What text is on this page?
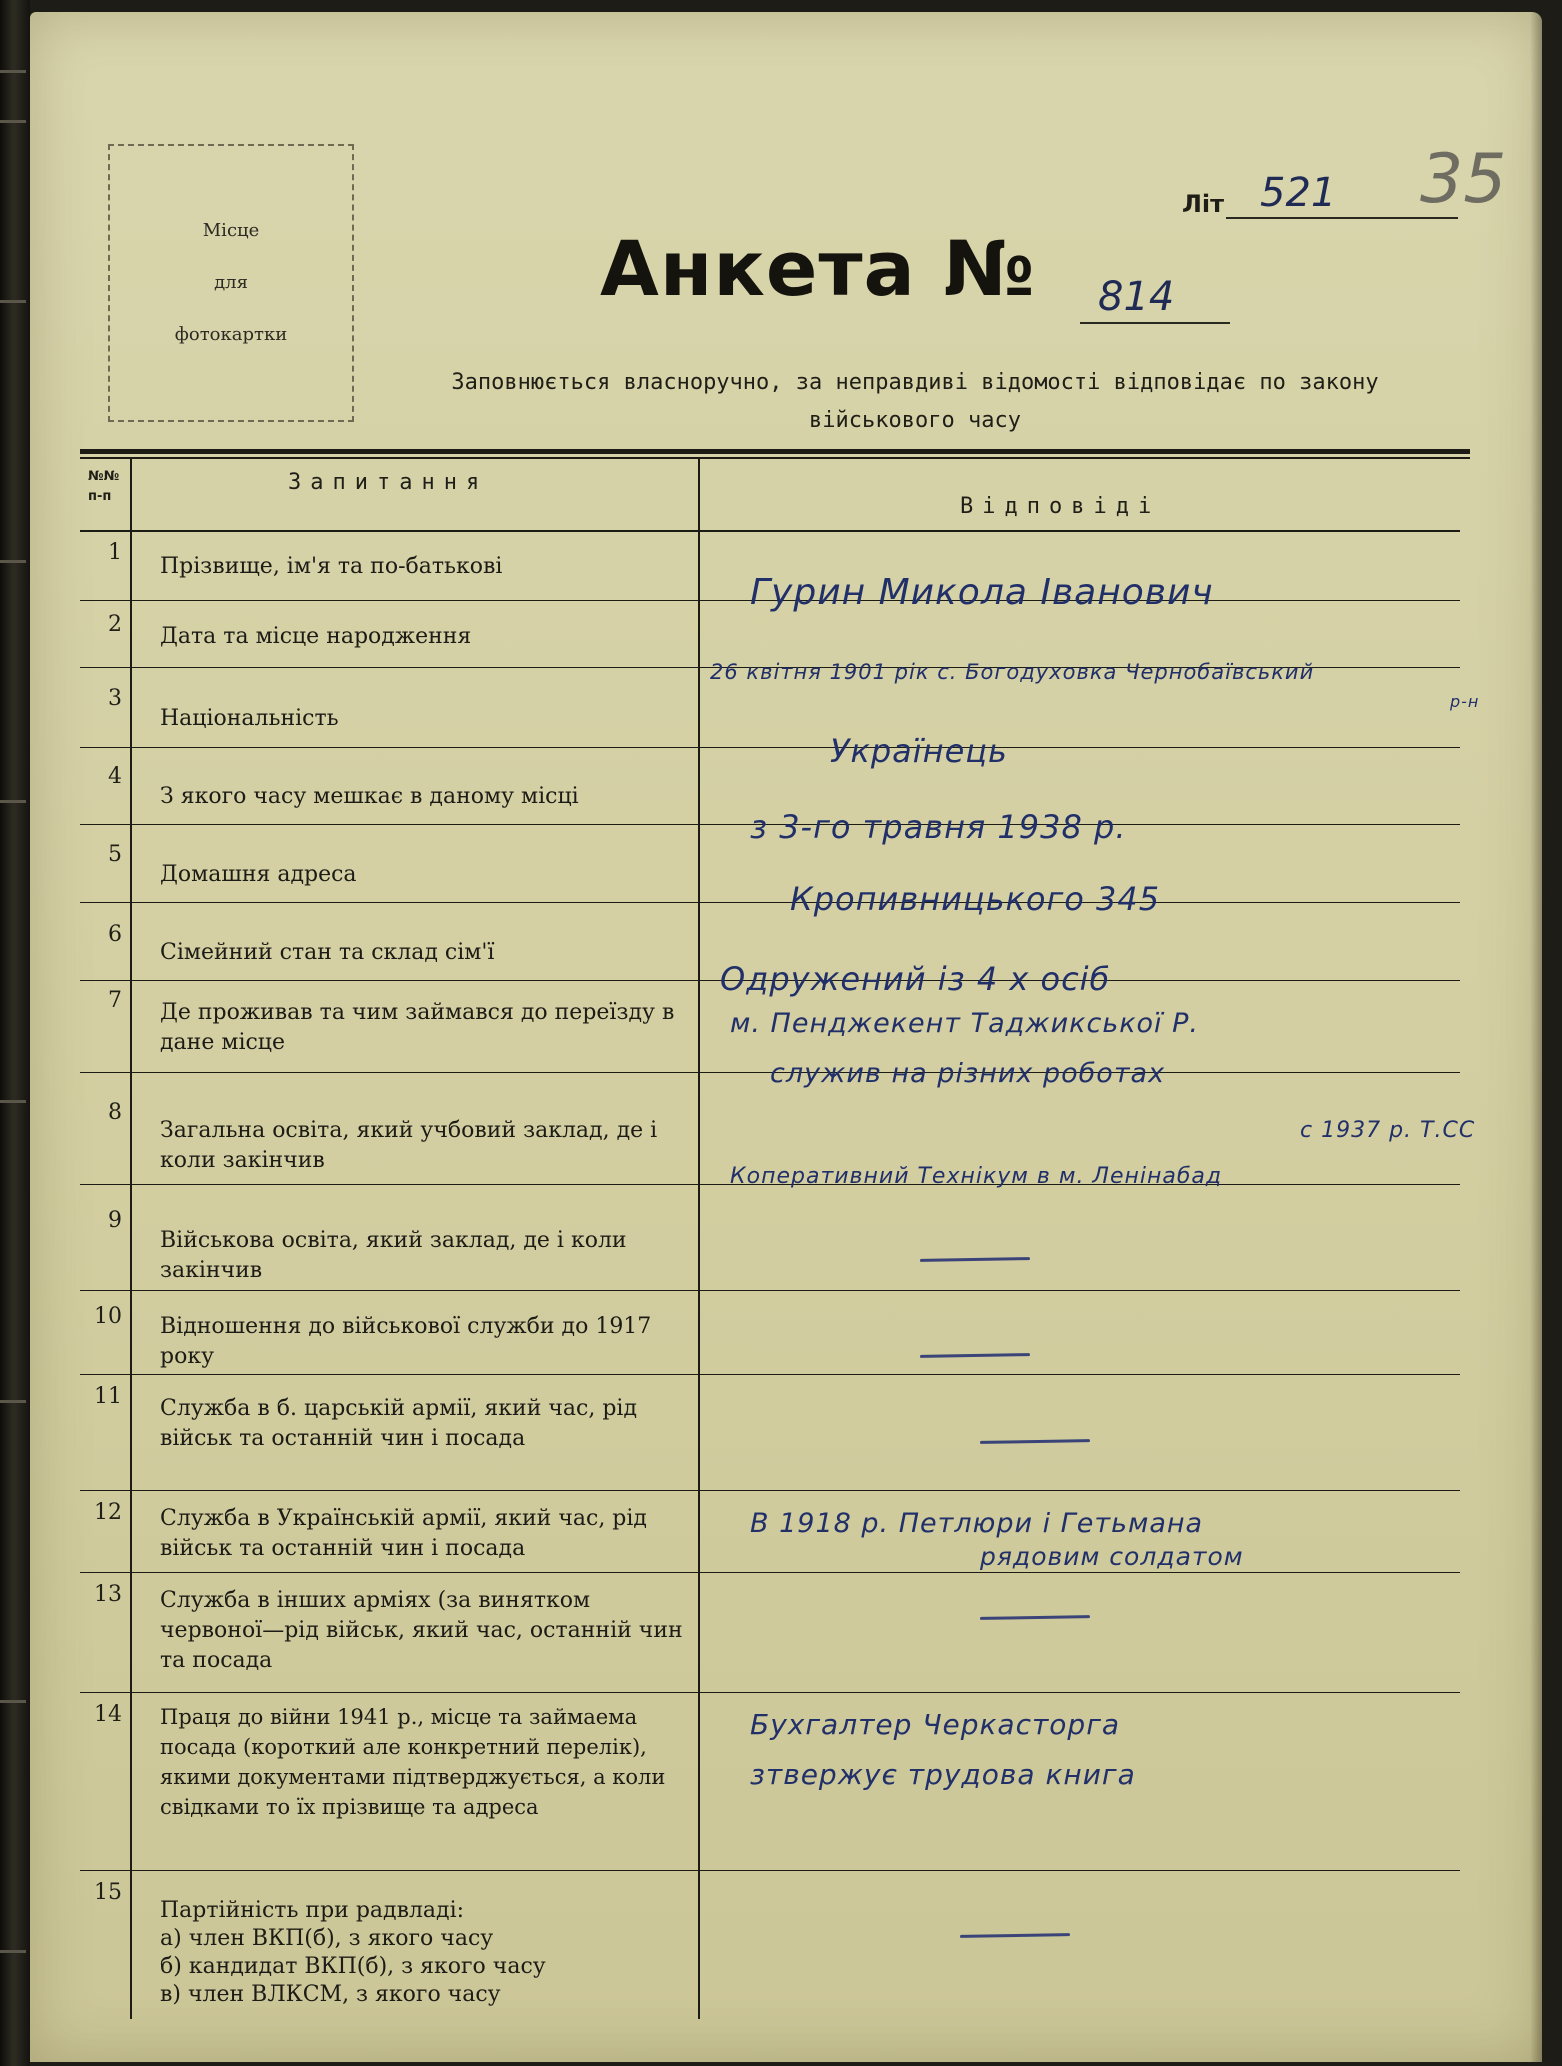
Місце
для
фотокартки
Літ 521 35
Анкета № 814
Заповнюється власноручно, за неправдиві відомості відповідає по закону
військового часу
№№
п-п
Запитання
Відповіді
1
2
3
4
5
6
7
8
9
10
11
12
13
14
15
Прізвище, ім'я та по-батькові
Дата та місце народження
Національність
З якого часу мешкає в даному місці
Домашня адреса
Сімейний стан та склад сім'ї
Де проживав та чим займався до переїзду в дане місце
Загальна освіта, який учбовий заклад, де і коли закінчив
Військова освіта, який заклад, де і коли закінчив
Відношення до військової служби до 1917 року
Служба в б. царській армії, який час, рід військ та останній чин і посада
Служба в Українській армії, який час, рід військ та останній чин і посада
Служба в інших арміях (за винятком червоної—рід військ, який час, останній чин та посада
Праця до війни 1941 р., місце та займаема посада (короткий але конкретний перелік), якими документами підтверджується, а коли свідками то їх прізвище та адреса
Партійність при радвладі:
а) член ВКП(б), з якого часу
б) кандидат ВКП(б), з якого часу
в) член ВЛКСМ, з якого часу
Гурин Микола Іванович
26 квітня 1901 рік с. Богодуховка Чернобаївський
р-н
Українець
з 3-го травня 1938 р.
Кропивницького 345
Одружений із 4 х осіб
м. Пенджекент Таджикської Р.
служив на різних роботах
с 1937 р. Т.СС
Коперативний Технікум в м. Ленінабад
В 1918 р. Петлюри і Гетьмана
рядовим солдатом
Бухгалтер Черкасторга
зтвержує трудова книга
